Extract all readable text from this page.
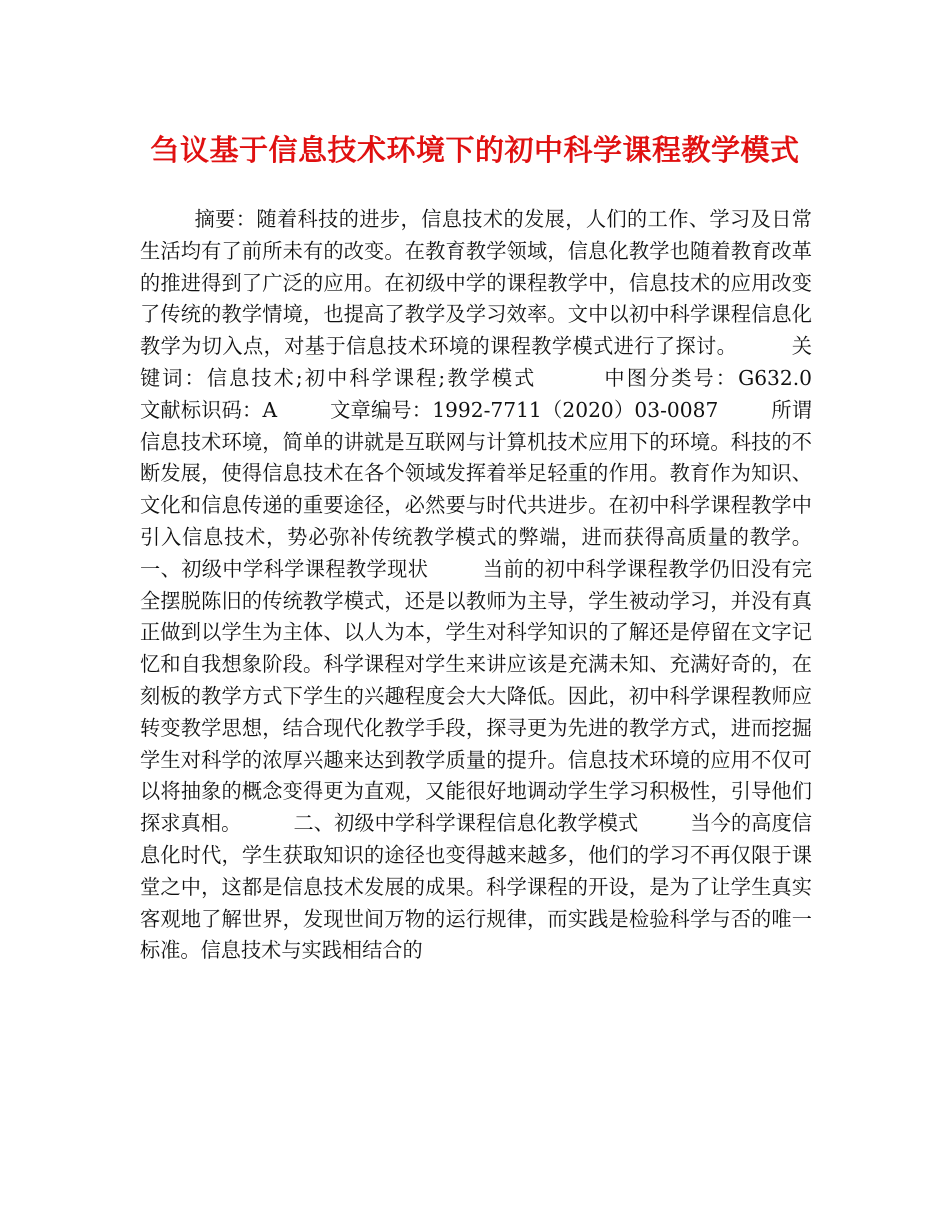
刍议基于信息技术环境下的初中科学课程教学模式

摘要：随着科技的进步，信息技术的发展，人们的工作、学习及日常生活均有了前所未有的改变。在教育教学领域，信息化教学也随着教育改革的推进得到了广泛的应用。在初级中学的课程教学中，信息技术的应用改变了传统的教学情境，也提高了教学及学习效率。文中以初中科学课程信息化教学为切入点，对基于信息技术环境的课程教学模式进行了探讨。        关键词：信息技术;初中科学课程;教学模式        中图分类号：G632.0        文献标识码：A        文章编号：1992-7711（2020）03-0087        所谓信息技术环境，简单的讲就是互联网与计算机技术应用下的环境。科技的不断发展，使得信息技术在各个领域发挥着举足轻重的作用。教育作为知识、文化和信息传递的重要途径，必然要与时代共进步。在初中科学课程教学中引入信息技术，势必弥补传统教学模式的弊端，进而获得高质量的教学。        一、初级中学科学课程教学现状        当前的初中科学课程教学仍旧没有完全摆脱陈旧的传统教学模式，还是以教师为主导，学生被动学习，并没有真正做到以学生为主体、以人为本，学生对科学知识的了解还是停留在文字记忆和自我想象阶段。科学课程对学生来讲应该是充满未知、充满好奇的，在刻板的教学方式下学生的兴趣程度会大大降低。因此，初中科学课程教师应转变教学思想，结合现代化教学手段，探寻更为先进的教学方式，进而挖掘学生对科学的浓厚兴趣来达到教学质量的提升。信息技术环境的应用不仅可以将抽象的概念变得更为直观，又能很好地调动学生学习积极性，引导他们探求真相。        二、初级中学科学课程信息化教学模式        当今的高度信息化时代，学生获取知识的途径也变得越来越多，他们的学习不再仅限于课堂之中，这都是信息技术发展的成果。科学课程的开设，是为了让学生真实客观地了解世界，发现世间万物的运行规律，而实践是检验科学与否的唯一标准。信息技术与实践相结合的
